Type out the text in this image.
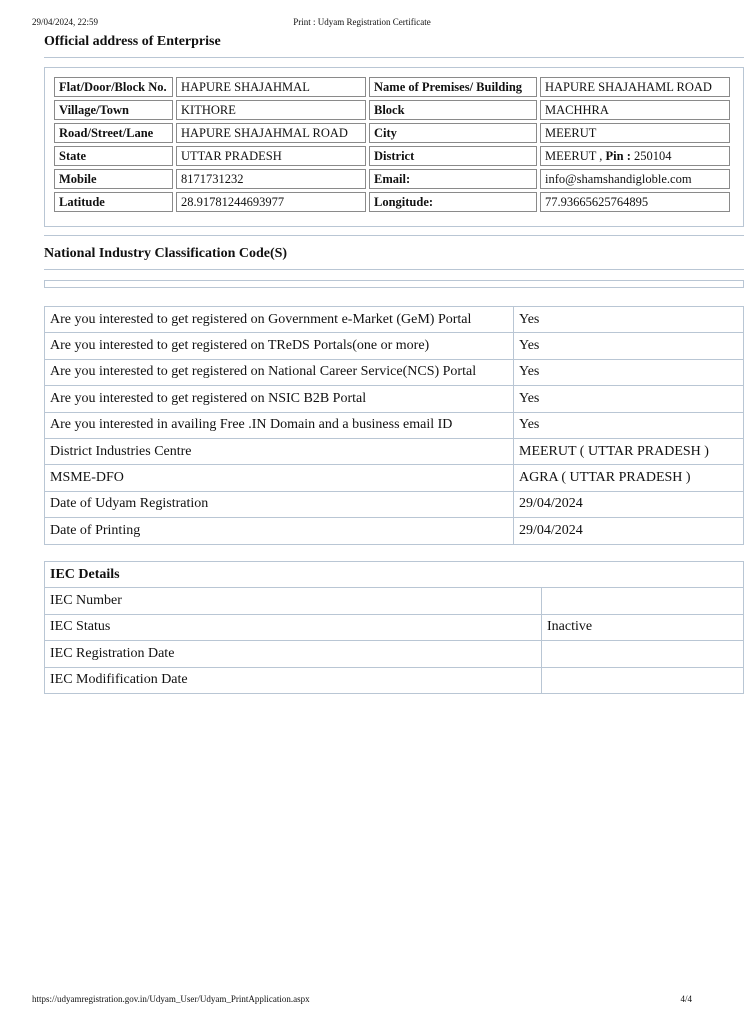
29/04/2024, 22:59	Print : Udyam Registration Certificate
Official address of Enterprise
Flat/Door/Block No.	HAPURE SHAJAHMAL	Name of Premises/ Building	HAPURE SHAJAHAML ROAD
Village/Town	KITHORE	Block	MACHHRA
Road/Street/Lane	HAPURE SHAJAHMAL ROAD	City	MEERUT
State	UTTAR PRADESH	District	MEERUT , Pin : 250104
Mobile	8171731232	Email:	info@shamshandigloble.com
Latitude	28.91781244693977	Longitude:	77.93665625764895
National Industry Classification Code(S)
Are you interested to get registered on Government e-Market (GeM) Portal	Yes
Are you interested to get registered on TReDS Portals(one or more)	Yes
Are you interested to get registered on National Career Service(NCS) Portal	Yes
Are you interested to get registered on NSIC B2B Portal	Yes
Are you interested in availing Free .IN Domain and a business email ID	Yes
District Industries Centre	MEERUT ( UTTAR PRADESH )
MSME-DFO	AGRA ( UTTAR PRADESH )
Date of Udyam Registration	29/04/2024
Date of Printing	29/04/2024
IEC Details	
IEC Number	
IEC Status	Inactive
IEC Registration Date	
IEC Modifification Date	
https://udyamregistration.gov.in/Udyam_User/Udyam_PrintApplication.aspx	4/4
